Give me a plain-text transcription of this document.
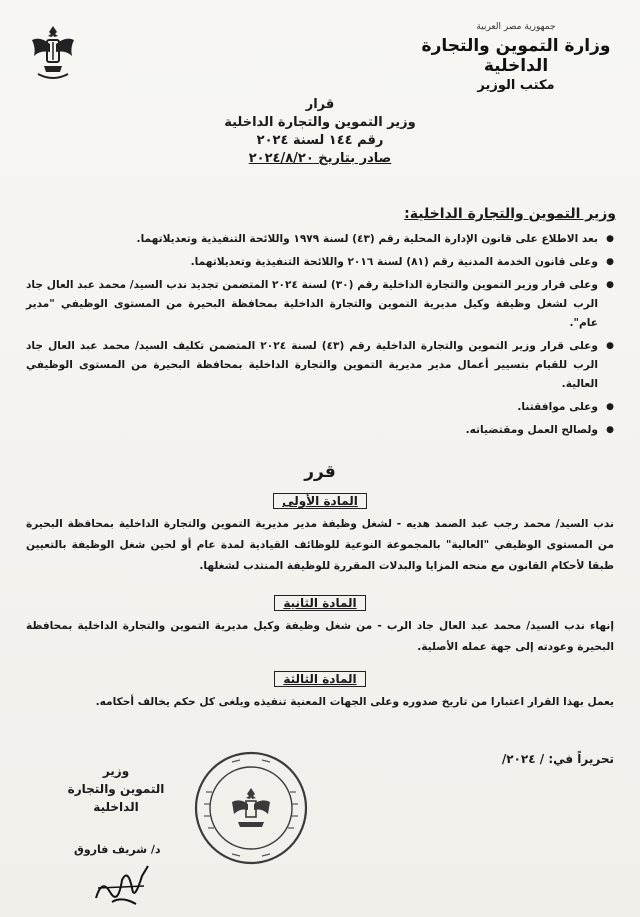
جمهورية مصر العربية
وزارة التموين والتجارة الداخلية
مكتب الوزير
قرار
وزير التموين والتجارة الداخلية
رقم ١٤٤ لسنة ٢٠٢٤
صادر بتاريخ ٢٠٢٤/٨/٢٠
وزير التموين والتجارة الداخلية:
● بعد الاطلاع على قانون الإدارة المحلية رقم (٤٣) لسنة ١٩٧٩ واللائحة التنفيذية وتعديلاتهما.
● وعلى قانون الخدمة المدنية رقم (٨١) لسنة ٢٠١٦ واللائحة التنفيذية وتعديلاتهما.
● وعلى قرار وزير التموين والتجارة الداخلية رقم (٣٠) لسنة ٢٠٢٤ المتضمن تجديد ندب السيد/ محمد عبد العال جاد الرب لشغل وظيفة وكيل مديرية التموين والتجارة الداخلية بمحافظة البحيرة من المستوى الوظيفي "مدير عام".
● وعلى قرار وزير التموين والتجارة الداخلية رقم (٤٣) لسنة ٢٠٢٤ المتضمن تكليف السيد/ محمد عبد العال جاد الرب للقيام بتسيير أعمال مدير مديرية التموين والتجارة الداخلية بمحافظة البحيرة من المستوى الوظيفي العالية.
● وعلى موافقتنا.
● ولصالح العمل ومقتضياته.
قرر
المادة الأولى
ندب السيد/ محمد رجب عبد الصمد هديه - لشغل وظيفة مدير مديرية التموين والتجارة الداخلية بمحافظة البحيرة من المستوى الوظيفي "العالية" بالمجموعة النوعية للوظائف القيادية لمدة عام أو لحين شغل الوظيفة بالتعيين طبقا لأحكام القانون مع منحه المزايا والبدلات المقررة للوظيفة المنتدب لشغلها.
المادة الثانية
إنهاء ندب السيد/ محمد عبد العال جاد الرب - من شغل وظيفة وكيل مديرية التموين والتجارة الداخلية بمحافظة البحيرة وعودته إلى جهة عمله الأصلية.
المادة الثالثة
يعمل بهذا القرار اعتبارا من تاريخ صدوره وعلى الجهات المعنية تنفيذه ويلغى كل حكم يخالف أحكامه.
تحريراً في: / ٢٠٢٤/
وزير
التموين والتجارة الداخلية
د/ شريف فاروق
